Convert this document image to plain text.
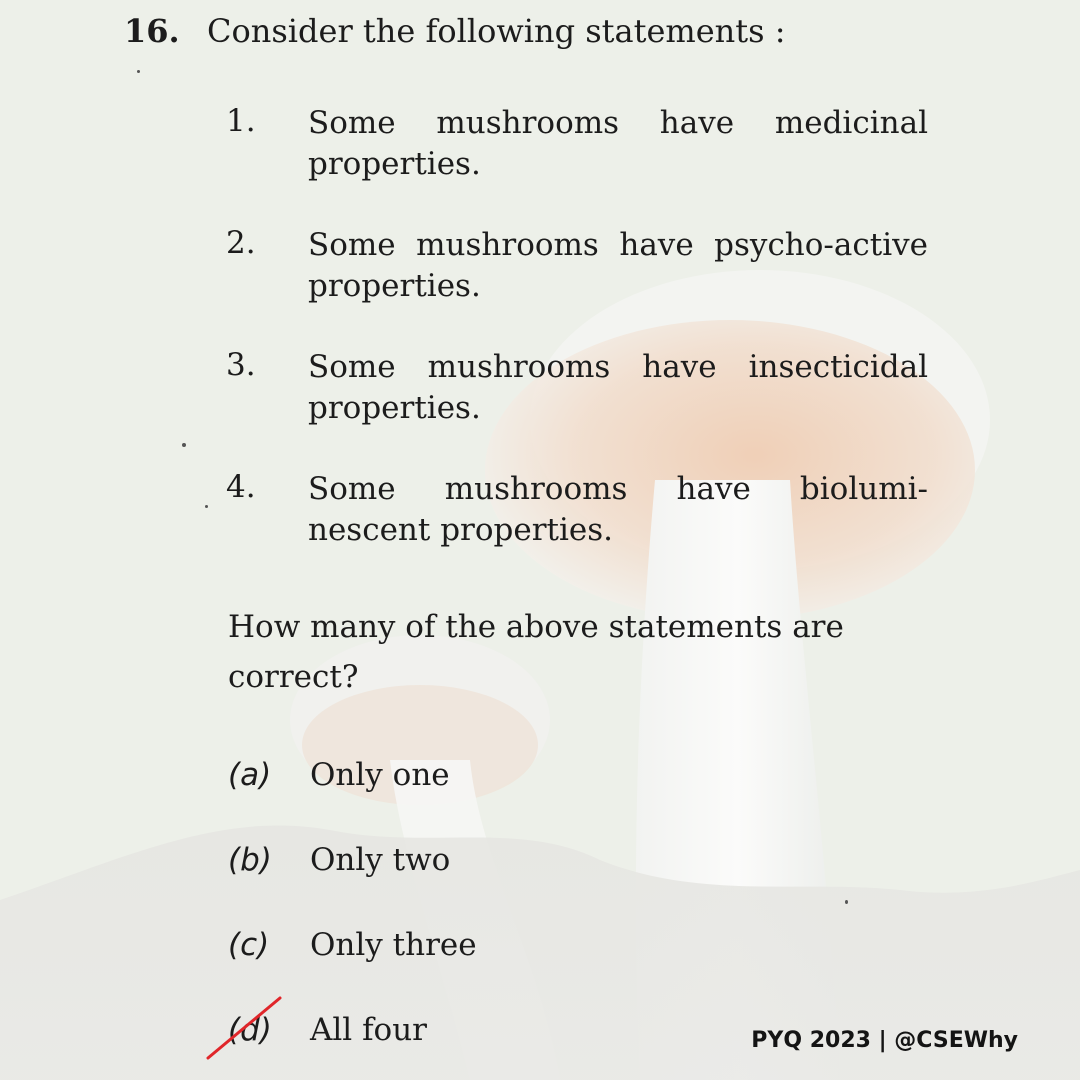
16. Consider the following statements :
1. Some mushrooms have medicinal properties.
2. Some mushrooms have psycho-active properties.
3. Some mushrooms have insecticidal properties.
4. Some mushrooms have biolumi-nescent properties.
How many of the above statements are correct?
(a) Only one
(b) Only two
(c) Only three
(d) All four	PYQ 2023 | @CSEWhy
